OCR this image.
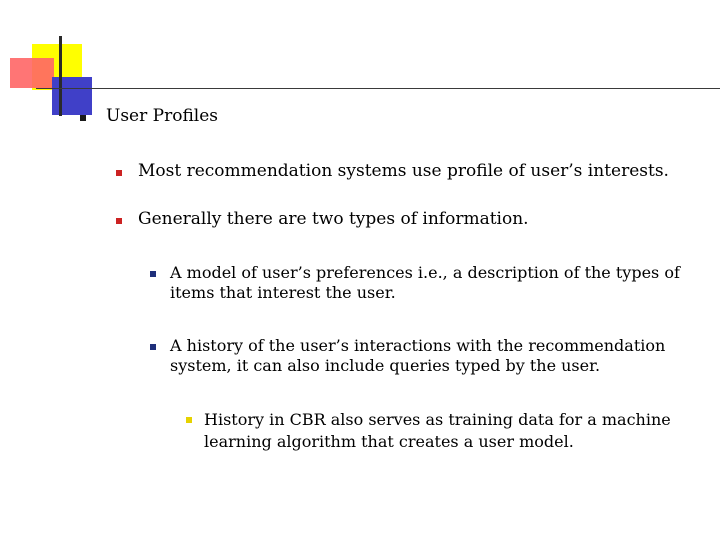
User Profiles
Most recommendation systems use profile of user’s interests.
Generally there are two types of information.
A model of user’s preferences i.e., a description of the types of
items that interest the user.
A history of the user’s interactions with the recommendation
system, it can also include queries typed by the user.
History in CBR also serves as training data for a machine
learning algorithm that creates a user model.
